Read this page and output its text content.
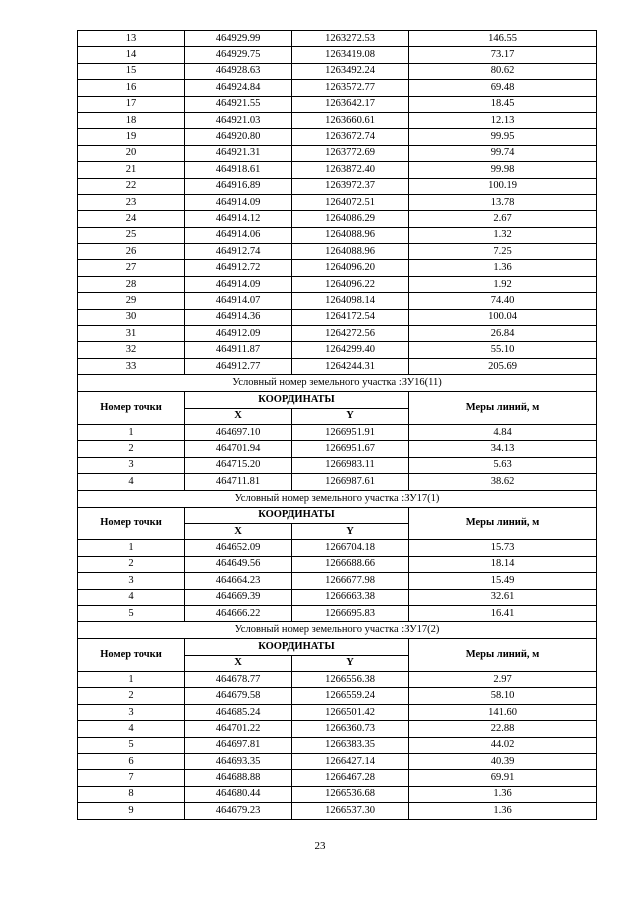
13	464929.99	1263272.53	146.55
14	464929.75	1263419.08	73.17
15	464928.63	1263492.24	80.62
16	464924.84	1263572.77	69.48
17	464921.55	1263642.17	18.45
18	464921.03	1263660.61	12.13
19	464920.80	1263672.74	99.95
20	464921.31	1263772.69	99.74
21	464918.61	1263872.40	99.98
22	464916.89	1263972.37	100.19
23	464914.09	1264072.51	13.78
24	464914.12	1264086.29	2.67
25	464914.06	1264088.96	1.32
26	464912.74	1264088.96	7.25
27	464912.72	1264096.20	1.36
28	464914.09	1264096.22	1.92
29	464914.07	1264098.14	74.40
30	464914.36	1264172.54	100.04
31	464912.09	1264272.56	26.84
32	464911.87	1264299.40	55.10
33	464912.77	1264244.31	205.69
Условный номер земельного участка :ЗУ16(11)			
Номер точки	КООРДИНАТЫ		Меры линий, м
	X	Y	
1	464697.10	1266951.91	4.84
2	464701.94	1266951.67	34.13
3	464715.20	1266983.11	5.63
4	464711.81	1266987.61	38.62
Условный номер земельного участка :ЗУ17(1)			
Номер точки	КООРДИНАТЫ		Меры линий, м
	X	Y	
1	464652.09	1266704.18	15.73
2	464649.56	1266688.66	18.14
3	464664.23	1266677.98	15.49
4	464669.39	1266663.38	32.61
5	464666.22	1266695.83	16.41
Условный номер земельного участка :ЗУ17(2)			
Номер точки	КООРДИНАТЫ		Меры линий, м
	X	Y	
1	464678.77	1266556.38	2.97
2	464679.58	1266559.24	58.10
3	464685.24	1266501.42	141.60
4	464701.22	1266360.73	22.88
5	464697.81	1266383.35	44.02
6	464693.35	1266427.14	40.39
7	464688.88	1266467.28	69.91
8	464680.44	1266536.68	1.36
9	464679.23	1266537.30	1.36
23
